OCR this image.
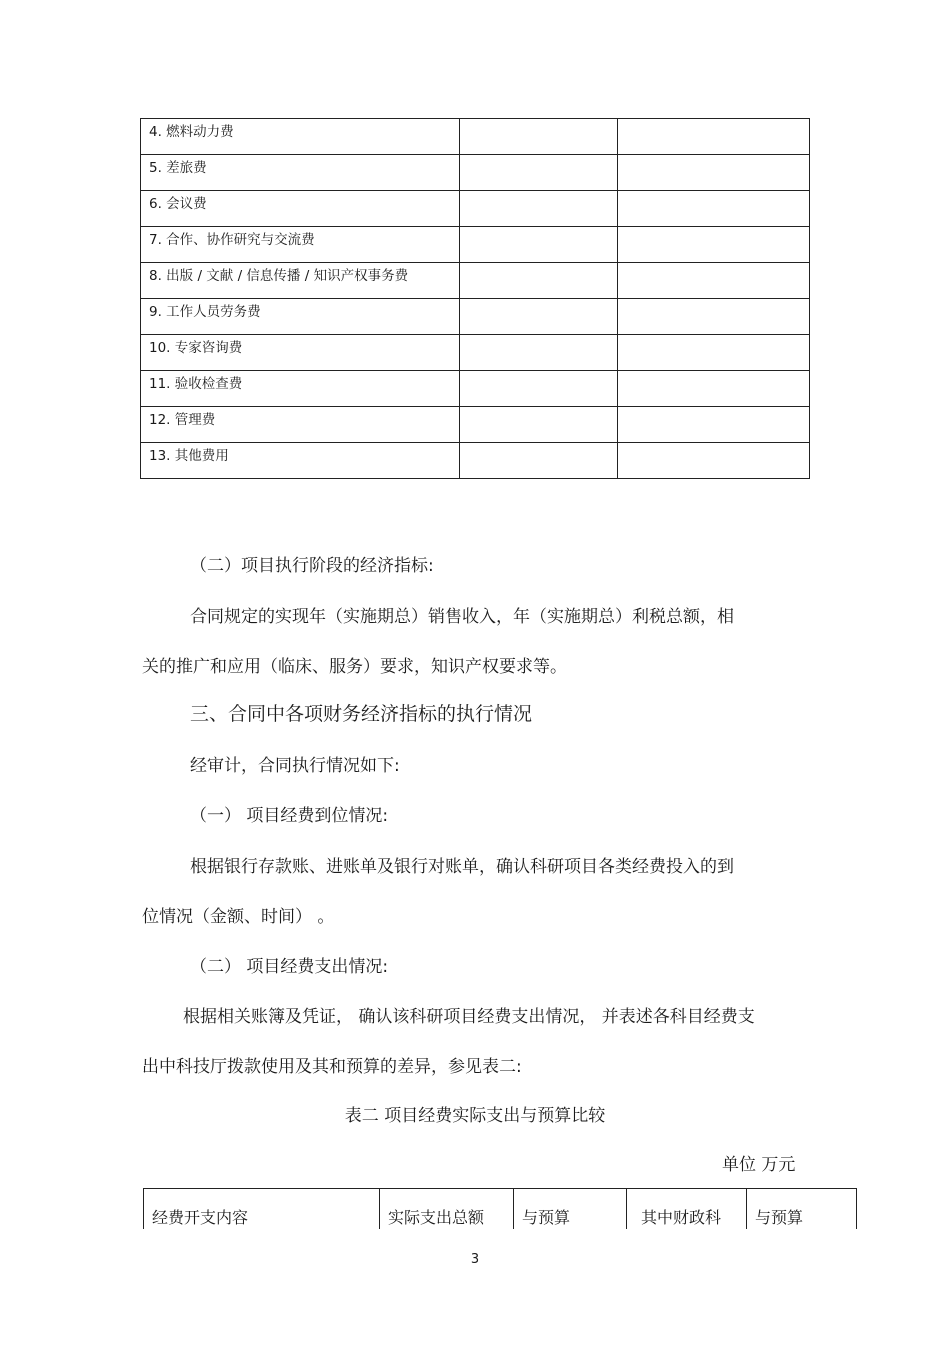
4. 燃料动力费		
5. 差旅费		
6. 会议费		
7. 合作、协作研究与交流费		
8. 出版 / 文献 / 信息传播 / 知识产权事务费		
9. 工作人员劳务费		
10. 专家咨询费		
11. 验收检查费		
12. 管理费		
13. 其他费用		
（二）项目执行阶段的经济指标:
合同规定的实现年（实施期总）销售收入，年（实施期总）利税总额，相
关的推广和应用（临床、服务）要求，知识产权要求等。
三、合同中各项财务经济指标的执行情况
经审计，合同执行情况如下:
（一） 项目经费到位情况:
根据银行存款账、进账单及银行对账单，确认科研项目各类经费投入的到
位情况（金额、时间） 。
（二） 项目经费支出情况:
根据相关账簿及凭证， 确认该科研项目经费支出情况， 并表述各科目经费支
出中科技厅拨款使用及其和预算的差异，参见表二:
表二 项目经费实际支出与预算比较
单位 万元
经费开支内容	实际支出总额	与预算	其中财政科	与预算
3
